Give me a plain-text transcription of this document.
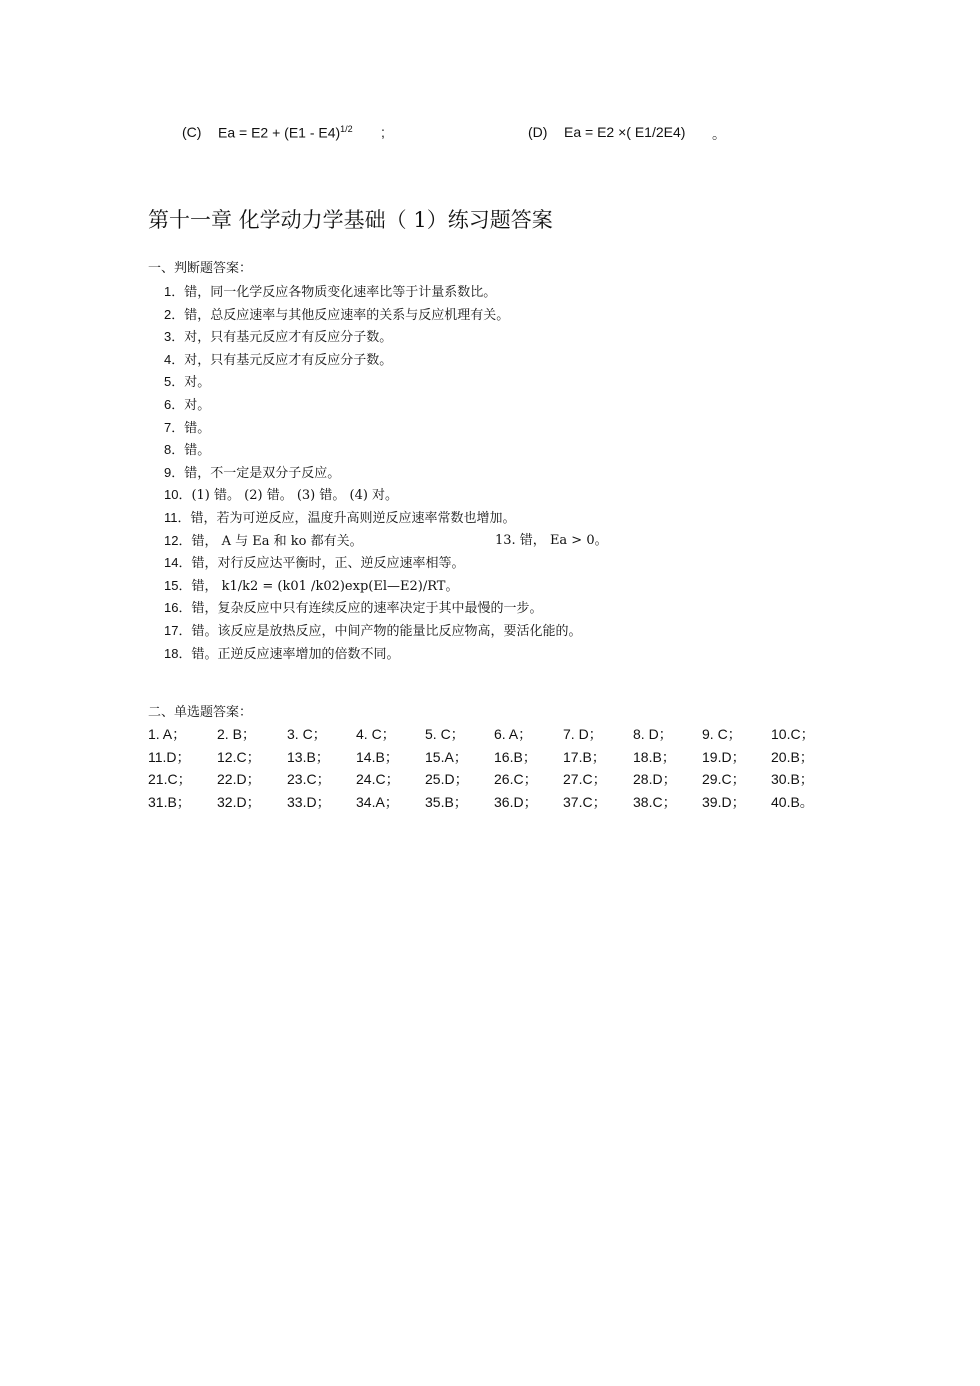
(C) Ea = E2 + (E1 - E4)$^{1/2}$ ;	(D) Ea = E2 ×( E1/2E4) 。
第十一章 化学动力学基础（ 1）练习题答案
一、判断题答案：
1．错，同一化学反应各物质变化速率比等于计量系数比。
2．错，总反应速率与其他反应速率的关系与反应机理有关。
3．对，只有基元反应才有反应分子数。
4．对，只有基元反应才有反应分子数。
5．对。
6．对。
7．错。
8．错。
9．错，不一定是双分子反应。
10．(1) 错。 (2) 错。 (3) 错。 (4) 对。
11．错，若为可逆反应，温度升高则逆反应速率常数也增加。
12．错， A 与 Ea 和 ko 都有关。	13. 错， Ea > 0。
14．错，对行反应达平衡时，正、逆反应速率相等。
15．错， k1/k2 = (k01 /k02)exp(El—E2)/RT。
16．错，复杂反应中只有连续反应的速率决定于其中最慢的一步。
17．错。该反应是放热反应，中间产物的能量比反应物高，要活化能的。
18．错。正逆反应速率增加的倍数不同。
二、单选题答案：
1. A； 2. B； 3. C； 4. C； 5. C； 6. A； 7. D； 8. D； 9. C； 10.C；
11.D； 12.C； 13.B； 14.B； 15.A； 16.B； 17.B； 18.B； 19.D； 20.B；
21.C； 22.D； 23.C； 24.C； 25.D； 26.C； 27.C； 28.D； 29.C； 30.B；
31.B； 32.D； 33.D； 34.A； 35.B； 36.D； 37.C； 38.C； 39.D； 40.B。
